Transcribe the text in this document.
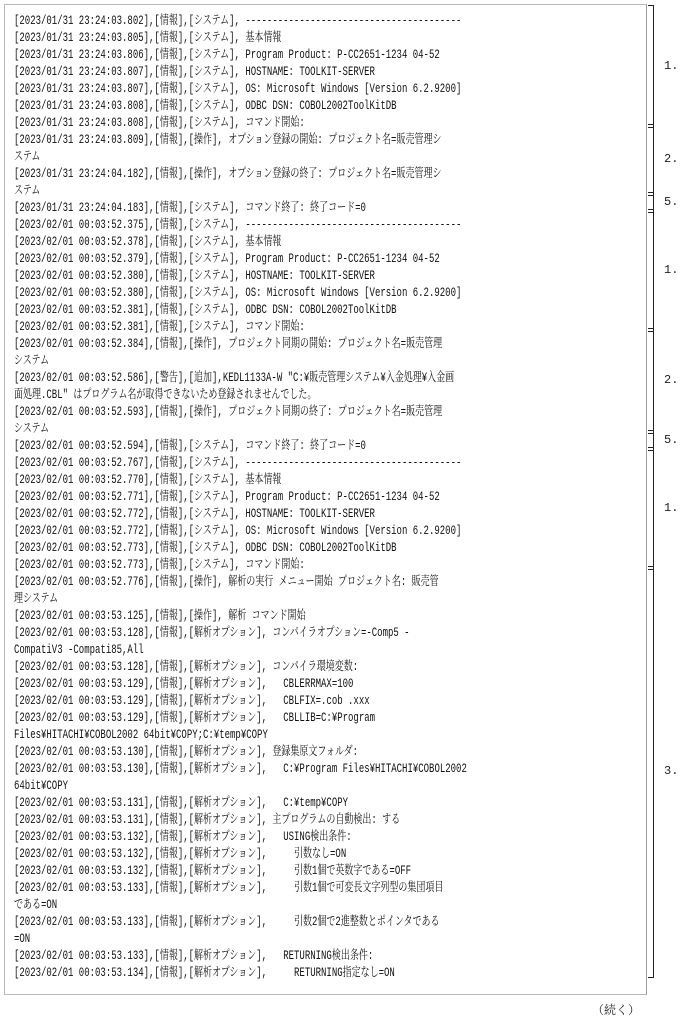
[2023/01/31 23:24:03.802],[情報],[システム], ----------------------------------------
[2023/01/31 23:24:03.805],[情報],[システム], 基本情報
[2023/01/31 23:24:03.806],[情報],[システム], Program Product: P-CC2651-1234 04-52
[2023/01/31 23:24:03.807],[情報],[システム], HOSTNAME: TOOLKIT-SERVER
[2023/01/31 23:24:03.807],[情報],[システム], OS: Microsoft Windows [Version 6.2.9200]
[2023/01/31 23:24:03.808],[情報],[システム], ODBC DSN: COBOL2002ToolKitDB
[2023/01/31 23:24:03.808],[情報],[システム], コマンド開始:
[2023/01/31 23:24:03.809],[情報],[操作], オプション登録の開始: プロジェクト名=販売管理シ
ステム
[2023/01/31 23:24:04.182],[情報],[操作], オプション登録の終了: プロジェクト名=販売管理シ
ステム
[2023/01/31 23:24:04.183],[情報],[システム], コマンド終了: 終了コード=0
[2023/02/01 00:03:52.375],[情報],[システム], ----------------------------------------
[2023/02/01 00:03:52.378],[情報],[システム], 基本情報
[2023/02/01 00:03:52.379],[情報],[システム], Program Product: P-CC2651-1234 04-52
[2023/02/01 00:03:52.380],[情報],[システム], HOSTNAME: TOOLKIT-SERVER
[2023/02/01 00:03:52.380],[情報],[システム], OS: Microsoft Windows [Version 6.2.9200]
[2023/02/01 00:03:52.381],[情報],[システム], ODBC DSN: COBOL2002ToolKitDB
[2023/02/01 00:03:52.381],[情報],[システム], コマンド開始:
[2023/02/01 00:03:52.384],[情報],[操作], プロジェクト同期の開始: プロジェクト名=販売管理
システム
[2023/02/01 00:03:52.586],[警告],[追加],KEDL1133A-W "C:¥販売管理システム¥入金処理¥入金画
面処理.CBL" はプログラム名が取得できないため登録されませんでした。
[2023/02/01 00:03:52.593],[情報],[操作], プロジェクト同期の終了: プロジェクト名=販売管理
システム
[2023/02/01 00:03:52.594],[情報],[システム], コマンド終了: 終了コード=0
[2023/02/01 00:03:52.767],[情報],[システム], ----------------------------------------
[2023/02/01 00:03:52.770],[情報],[システム], 基本情報
[2023/02/01 00:03:52.771],[情報],[システム], Program Product: P-CC2651-1234 04-52
[2023/02/01 00:03:52.772],[情報],[システム], HOSTNAME: TOOLKIT-SERVER
[2023/02/01 00:03:52.772],[情報],[システム], OS: Microsoft Windows [Version 6.2.9200]
[2023/02/01 00:03:52.773],[情報],[システム], ODBC DSN: COBOL2002ToolKitDB
[2023/02/01 00:03:52.773],[情報],[システム], コマンド開始:
[2023/02/01 00:03:52.776],[情報],[操作], 解析の実行 メニュー開始 プロジェクト名: 販売管
理システム
[2023/02/01 00:03:53.125],[情報],[操作], 解析 コマンド開始
[2023/02/01 00:03:53.128],[情報],[解析オプション], コンパイラオプション=-Comp5 -
CompatiV3 -Compati85,All
[2023/02/01 00:03:53.128],[情報],[解析オプション], コンパイラ環境変数:
[2023/02/01 00:03:53.129],[情報],[解析オプション],   CBLERRMAX=100
[2023/02/01 00:03:53.129],[情報],[解析オプション],   CBLFIX=.cob .xxx
[2023/02/01 00:03:53.129],[情報],[解析オプション],   CBLLIB=C:¥Program
Files¥HITACHI¥COBOL2002 64bit¥COPY;C:¥temp¥COPY
[2023/02/01 00:03:53.130],[情報],[解析オプション], 登録集原文フォルダ:
[2023/02/01 00:03:53.130],[情報],[解析オプション],   C:¥Program Files¥HITACHI¥COBOL2002
64bit¥COPY
[2023/02/01 00:03:53.131],[情報],[解析オプション],   C:¥temp¥COPY
[2023/02/01 00:03:53.131],[情報],[解析オプション], 主プログラムの自動検出: する
[2023/02/01 00:03:53.132],[情報],[解析オプション],   USING検出条件:
[2023/02/01 00:03:53.132],[情報],[解析オプション],     引数なし=ON
[2023/02/01 00:03:53.132],[情報],[解析オプション],     引数1個で英数字である=OFF
[2023/02/01 00:03:53.133],[情報],[解析オプション],     引数1個で可変長文字列型の集団項目
である=ON
[2023/02/01 00:03:53.133],[情報],[解析オプション],     引数2個で2進整数とポインタである
=ON
[2023/02/01 00:03:53.133],[情報],[解析オプション],   RETURNING検出条件:
[2023/02/01 00:03:53.134],[情報],[解析オプション],     RETURNING指定なし=ON
1.
2.
5.
1.
2.
5.
1.
3.
（続く）
